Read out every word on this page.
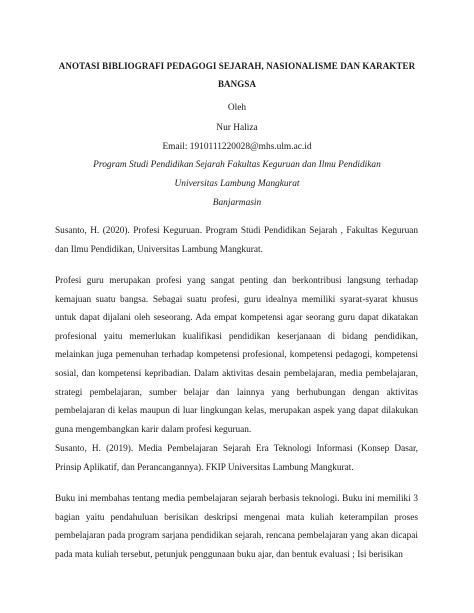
ANOTASI BIBLIOGRAFI PEDAGOGI SEJARAH, NASIONALISME DAN KARAKTER
BANGSA
Oleh
Nur Haliza
Email: 1910111220028@mhs.ulm.ac.id
Program Studi Pendidikan Sejarah Fakultas Keguruan dan Ilmu Pendidikan
Universitas Lambung Mangkurat
Banjarmasin

Susanto, H. (2020). Profesi Keguruan. Program Studi Pendidikan Sejarah , Fakultas Keguruan dan Ilmu Pendidikan, Universitas Lambung Mangkurat.

Profesi guru merupakan profesi yang sangat penting dan berkontribusi langsung terhadap kemajuan suatu bangsa. Sebagai suatu profesi, guru idealnya memiliki syarat-syarat khusus untuk dapat dijalani oleh seseorang. Ada empat kompetensi agar seorang guru dapat dikatakan profesional yaitu memerlukan kualifikasi pendidikan keserjanaan di bidang pendidikan, melainkan juga pemenuhan terhadap kompetensi profesional, kompetensi pedagogi, kompetensi sosial, dan kompetensi kepribadian. Dalam aktivitas desain pembelajaran, media pembelajaran, strategi pembelajaran, sumber belajar dan lainnya yang berhubungan dengan aktivitas pembelajaran di kelas maupun di luar lingkungan kelas, merupakan aspek yang dapat dilakukan guna mengembangkan karir dalam profesi keguruan.

Susanto, H. (2019). Media Pembelajaran Sejarah Era Teknologi Informasi (Konsep Dasar, Prinsip Aplikatif, dan Perancangannya). FKIP Universitas Lambung Mangkurat.

Buku ini membahas tentang media pembelajaran sejarah berbasis teknologi. Buku ini memiliki 3 bagian yaitu pendahuluan berisikan deskripsi mengenai mata kuliah keterampilan proses pembelajaran pada program sarjana pendidikan sejarah, rencana pembelajaran yang akan dicapai pada mata kuliah tersebut, petunjuk penggunaan buku ajar, dan bentuk evaluasi ; Isi berisikan
